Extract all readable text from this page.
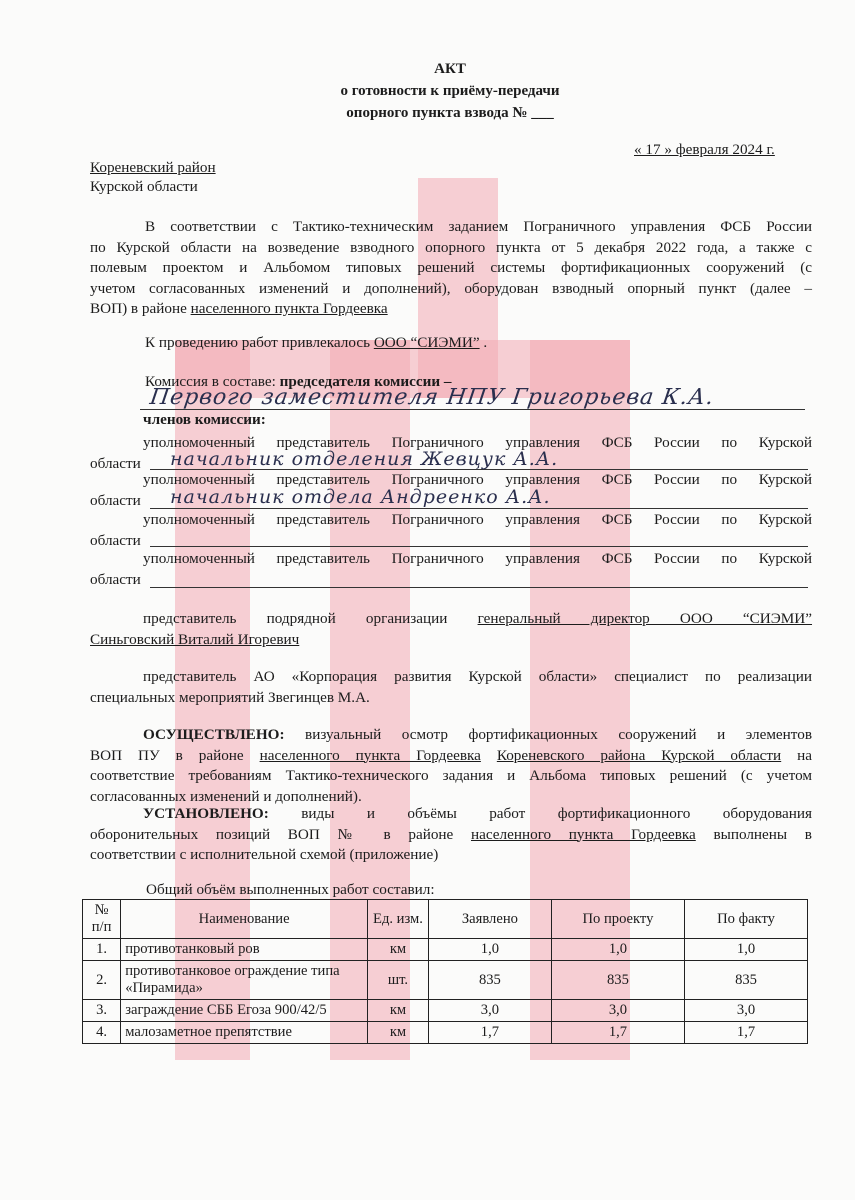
АКТ
о готовности к приёму-передачи
опорного пункта взвода № ___
« 17 » февраля 2024 г.
Кореневский район
Курской области
В соответствии с Тактико-техническим заданием Пограничного управления ФСБ России
по Курской области на возведение взводного опорного пункта от 5 декабря 2022 года, а также с
полевым проектом и Альбомом типовых решений системы фортификационных сооружений (с
учетом согласованных изменений и дополнений), оборудован взводный опорный пункт (далее –
ВОП) в районе населенного пункта Гордеевка
К проведению работ привлекалось ООО “СИЭМИ” .
Комиссия в составе: председателя комиссии –
Первого заместителя НПУ Григорьева К.А.
членов комиссии:
уполномоченный представитель Пограничного управления ФСБ России по Курской
области	начальник отделения Жевцук А.А.
уполномоченный представитель Пограничного управления ФСБ России по Курской
области	начальник отдела Андреенко А.А.
уполномоченный представитель Пограничного управления ФСБ России по Курской
области
уполномоченный представитель Пограничного управления ФСБ России по Курской
области
представитель подрядной организации генеральный директор ООО “СИЭМИ”
Синьговский Виталий Игоревич
представитель АО «Корпорация развития Курской области» специалист по реализации
специальных мероприятий Звегинцев М.А.
ОСУЩЕСТВЛЕНО: визуальный осмотр фортификационных сооружений и элементов
ВОП ПУ в районе населенного пункта Гордеевка Кореневского района Курской области на
соответствие требованиям Тактико-технического задания и Альбома типовых решений (с учетом
согласованных изменений и дополнений).
УСТАНОВЛЕНО: виды и объёмы работ фортификационного оборудования
оборонительных позиций ВОП № в районе населенного пункта Гордеевка выполнены в
соответствии с исполнительной схемой (приложение)
Общий объём выполненных работ составил:
№ п/п	Наименование	Ед. изм.	Заявлено	По проекту	По факту
1.	противотанковый ров	км	1,0	1,0	1,0
2.	противотанковое ограждение типа «Пирамида»	шт.	835	835	835
3.	заграждение СББ Егоза 900/42/5	км	3,0	3,0	3,0
4.	малозаметное препятствие	км	1,7	1,7	1,7
